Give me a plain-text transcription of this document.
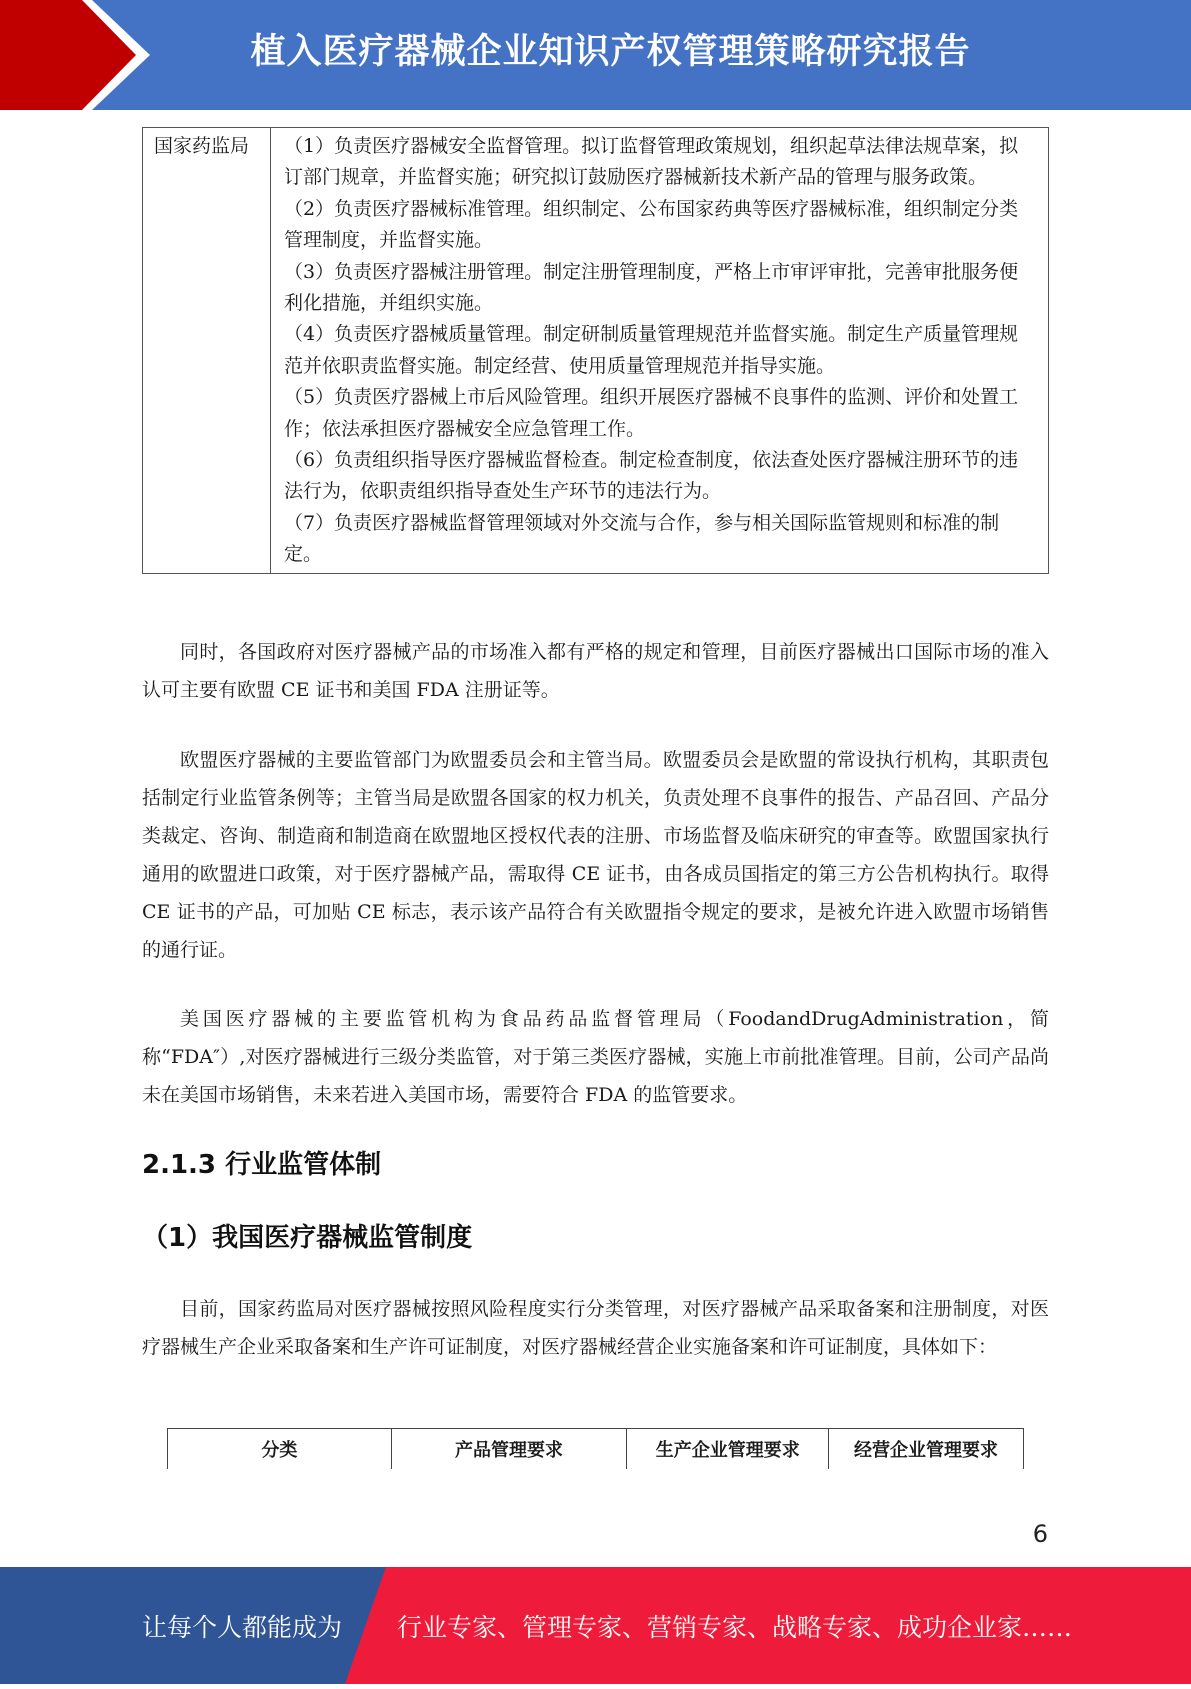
植入医疗器械企业知识产权管理策略研究报告
国家药监局	（1）负责医疗器械安全监督管理。拟订监督管理政策规划，组织起草法律法规草案，拟订部门规章，并监督实施；研究拟订鼓励医疗器械新技术新产品的管理与服务政策。

（2）负责医疗器械标准管理。组织制定、公布国家药典等医疗器械标准，组织制定分类管理制度，并监督实施。

（3）负责医疗器械注册管理。制定注册管理制度，严格上市审评审批，完善审批服务便利化措施，并组织实施。

（4）负责医疗器械质量管理。制定研制质量管理规范并监督实施。制定生产质量管理规范并依职责监督实施。制定经营、使用质量管理规范并指导实施。

（5）负责医疗器械上市后风险管理。组织开展医疗器械不良事件的监测、评价和处置工作；依法承担医疗器械安全应急管理工作。

（6）负责组织指导医疗器械监督检查。制定检查制度，依法查处医疗器械注册环节的违法行为，依职责组织指导查处生产环节的违法行为。

（7）负责医疗器械监督管理领域对外交流与合作，参与相关国际监管规则和标准的制定。

同时，各国政府对医疗器械产品的市场准入都有严格的规定和管理，目前医疗器械出口国际市场的准入认可主要有欧盟 CE 证书和美国 FDA 注册证等。

欧盟医疗器械的主要监管部门为欧盟委员会和主管当局。欧盟委员会是欧盟的常设执行机构，其职责包括制定行业监管条例等；主管当局是欧盟各国家的权力机关，负责处理不良事件的报告、产品召回、产品分类裁定、咨询、制造商和制造商在欧盟地区授权代表的注册、市场监督及临床研究的审查等。欧盟国家执行通用的欧盟进口政策，对于医疗器械产品，需取得 CE 证书，由各成员国指定的第三方公告机构执行。取得 CE 证书的产品，可加贴 CE 标志，表示该产品符合有关欧盟指令规定的要求，是被允许进入欧盟市场销售的通行证。

美国医疗器械的主要监管机构为食品药品监督管理局（FoodandDrugAdministration，简称“FDA″）,对医疗器械进行三级分类监管，对于第三类医疗器械，实施上市前批准管理。目前，公司产品尚未在美国市场销售，未来若进入美国市场，需要符合 FDA 的监管要求。

2.1.3 行业监管体制
（1）我国医疗器械监管制度

目前，国家药监局对医疗器械按照风险程度实行分类管理，对医疗器械产品采取备案和注册制度，对医疗器械生产企业采取备案和生产许可证制度，对医疗器械经营企业实施备案和许可证制度，具体如下：

分类	产品管理要求	生产企业管理要求	经营企业管理要求
6
让每个人都能成为 行业专家、管理专家、营销专家、战略专家、成功企业家……
